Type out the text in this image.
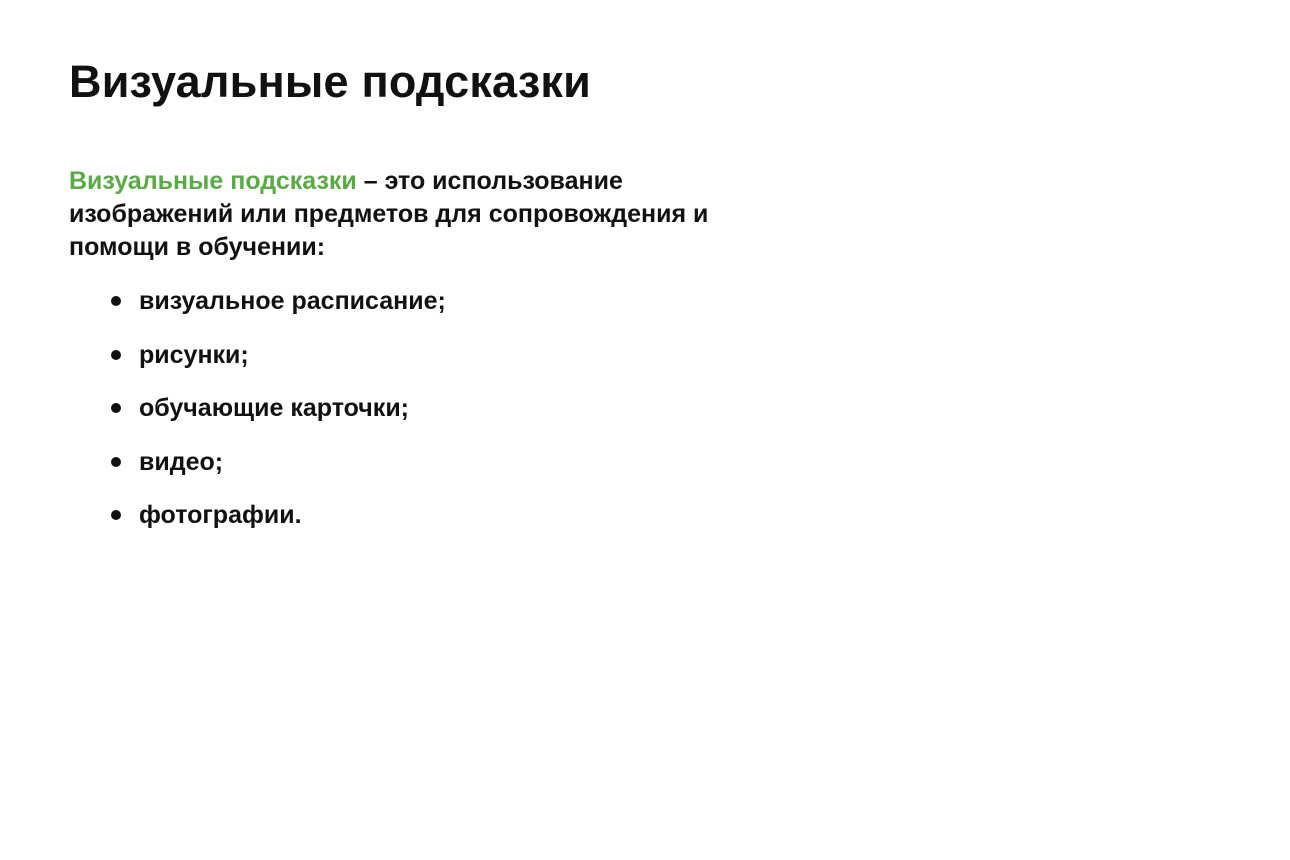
Визуальные подсказки

Визуальные подсказки – это использование изображений или предметов для сопровождения и помощи в обучении:

визуальное расписание;
рисунки;
обучающие карточки;
видео;
фотографии.
